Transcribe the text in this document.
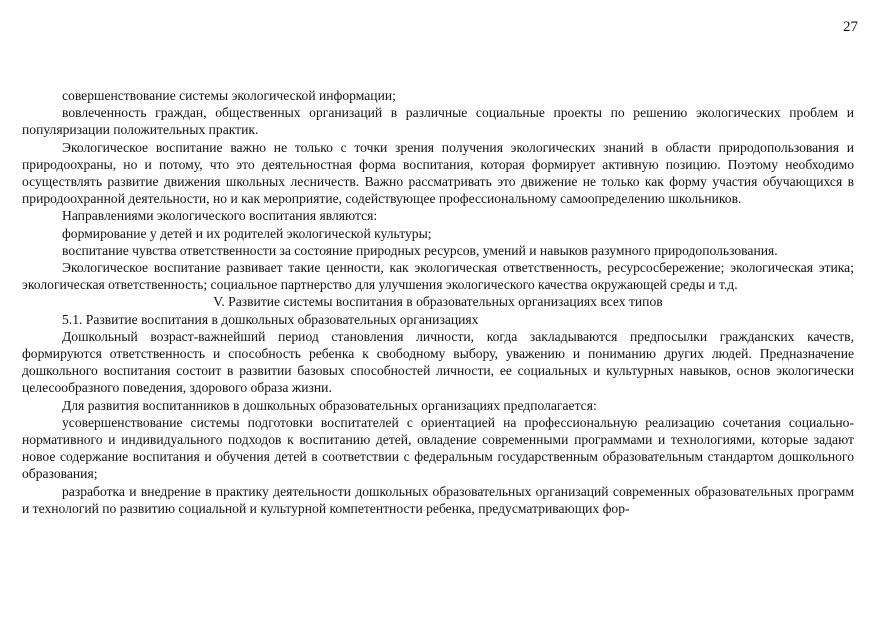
27

совершенствование системы экологической информации;

вовлеченность граждан, общественных организаций в различные социальные проекты по решению экологических проблем и популяризации положительных практик.

Экологическое воспитание важно не только с точки зрения получения экологических знаний в области природопользования и природоохраны, но и потому, что это деятельностная форма воспитания, которая формирует активную позицию. Поэтому необходимо осуществлять развитие движения школьных лесничеств. Важно рассматривать это движение не только как форму участия обучающихся в природоохранной деятельности, но и как мероприятие, содействующее профессиональному самоопределению школьников.

Направлениями экологического воспитания являются:

формирование у детей и их родителей экологической культуры;

воспитание чувства ответственности за состояние природных ресурсов, умений и навыков разумного природопользования.

Экологическое воспитание развивает такие ценности, как экологическая ответственность, ресурсосбережение; экологическая этика; экологическая ответственность; социальное партнерство для улучшения экологического качества окружающей среды и т.д.

V. Развитие системы воспитания в образовательных организациях всех типов

5.1. Развитие воспитания в дошкольных образовательных организациях

Дошкольный возраст-важнейший период становления личности, когда закладываются предпосылки гражданских качеств, формируются ответственность и способность ребенка к свободному выбору, уважению и пониманию других людей. Предназначение дошкольного воспитания состоит в развитии базовых способностей личности, ее социальных и культурных навыков, основ экологически целесообразного поведения, здорового образа жизни.

Для развития воспитанников в дошкольных образовательных организациях предполагается:

усовершенствование системы подготовки воспитателей с ориентацией на профессиональную реализацию сочетания социально-нормативного и индивидуального подходов к воспитанию детей, овладение современными программами и технологиями, которые задают новое содержание воспитания и обучения детей в соответствии с федеральным государственным образовательным стандартом дошкольного образования;

разработка и внедрение в практику деятельности дошкольных образовательных организаций современных образовательных программ и технологий по развитию социальной и культурной компетентности ребенка, предусматривающих фор-
